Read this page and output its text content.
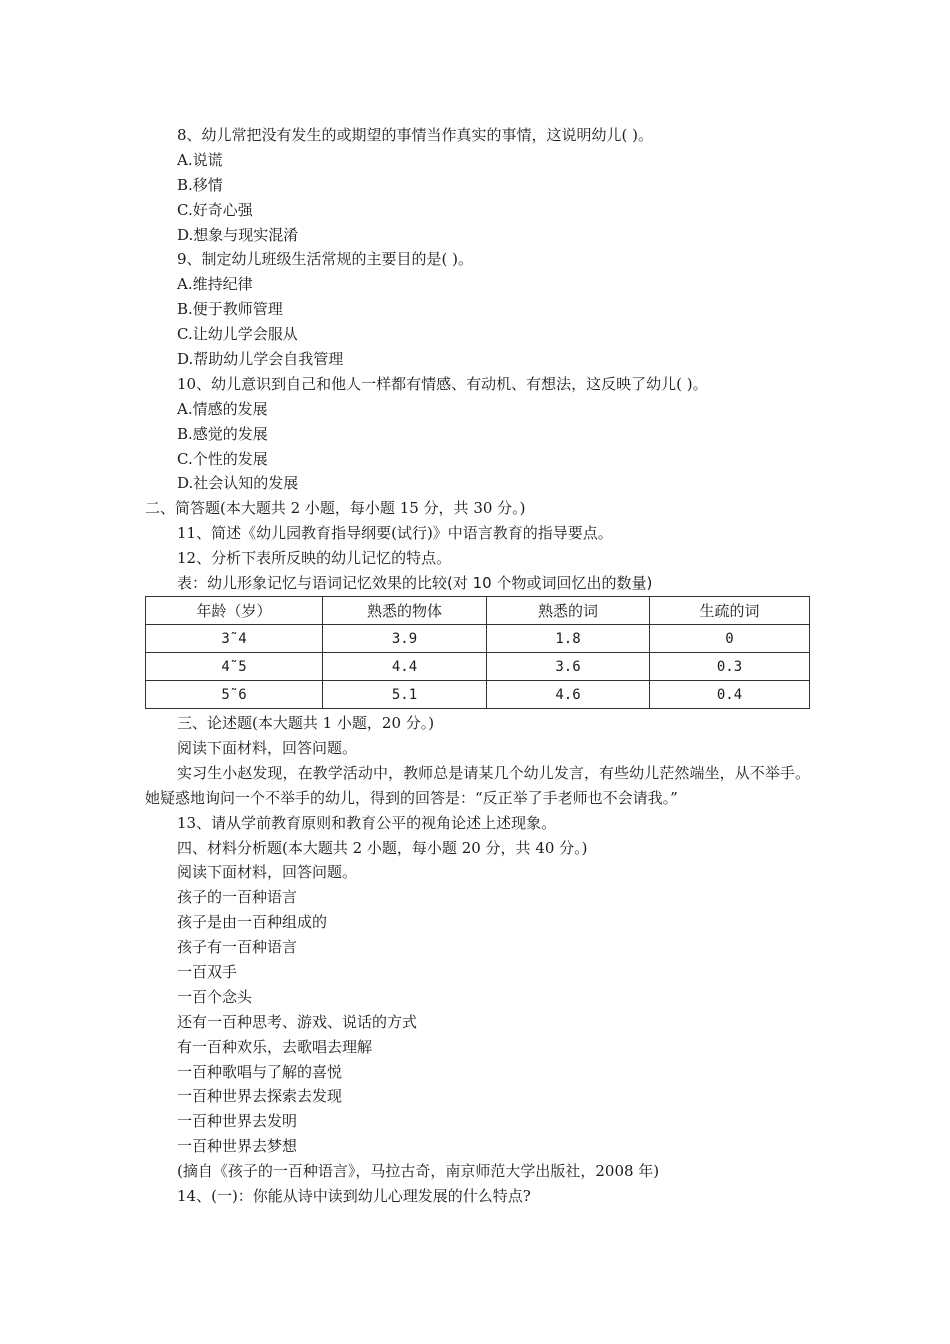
8、幼儿常把没有发生的或期望的事情当作真实的事情，这说明幼儿( )。
A.说谎
B.移情
C.好奇心强
D.想象与现实混淆
9、制定幼儿班级生活常规的主要目的是( )。
A.维持纪律
B.便于教师管理
C.让幼儿学会服从
D.帮助幼儿学会自我管理
10、幼儿意识到自己和他人一样都有情感、有动机、有想法，这反映了幼儿( )。
A.情感的发展
B.感觉的发展
C.个性的发展
D.社会认知的发展
二、简答题(本大题共 2 小题，每小题 15 分，共 30 分。)
11、简述《幼儿园教育指导纲要(试行)》中语言教育的指导要点。
12、分析下表所反映的幼儿记忆的特点。
表：幼儿形象记忆与语词记忆效果的比较(对 10 个物或词回忆出的数量)
年龄（岁）	熟悉的物体	熟悉的词	生疏的词
3˜4	3.9	1.8	0
4˜5	4.4	3.6	0.3
5˜6	5.1	4.6	0.4
三、论述题(本大题共 1 小题，20 分。)
阅读下面材料，回答问题。

实习生小赵发现，在教学活动中，教师总是请某几个幼儿发言，有些幼儿茫然端坐，从不举手。她疑惑地询问一个不举手的幼儿，得到的回答是：“反正举了手老师也不会请我。”

13、请从学前教育原则和教育公平的视角论述上述现象。
四、材料分析题(本大题共 2 小题，每小题 20 分，共 40 分。)
阅读下面材料，回答问题。
孩子的一百种语言
孩子是由一百种组成的
孩子有一百种语言
一百双手
一百个念头
还有一百种思考、游戏、说话的方式
有一百种欢乐，去歌唱去理解
一百种歌唱与了解的喜悦
一百种世界去探索去发现
一百种世界去发明
一百种世界去梦想
(摘自《孩子的一百种语言》，马拉古奇，南京师范大学出版社，2008 年)
14、(一)：你能从诗中读到幼儿心理发展的什么特点?
